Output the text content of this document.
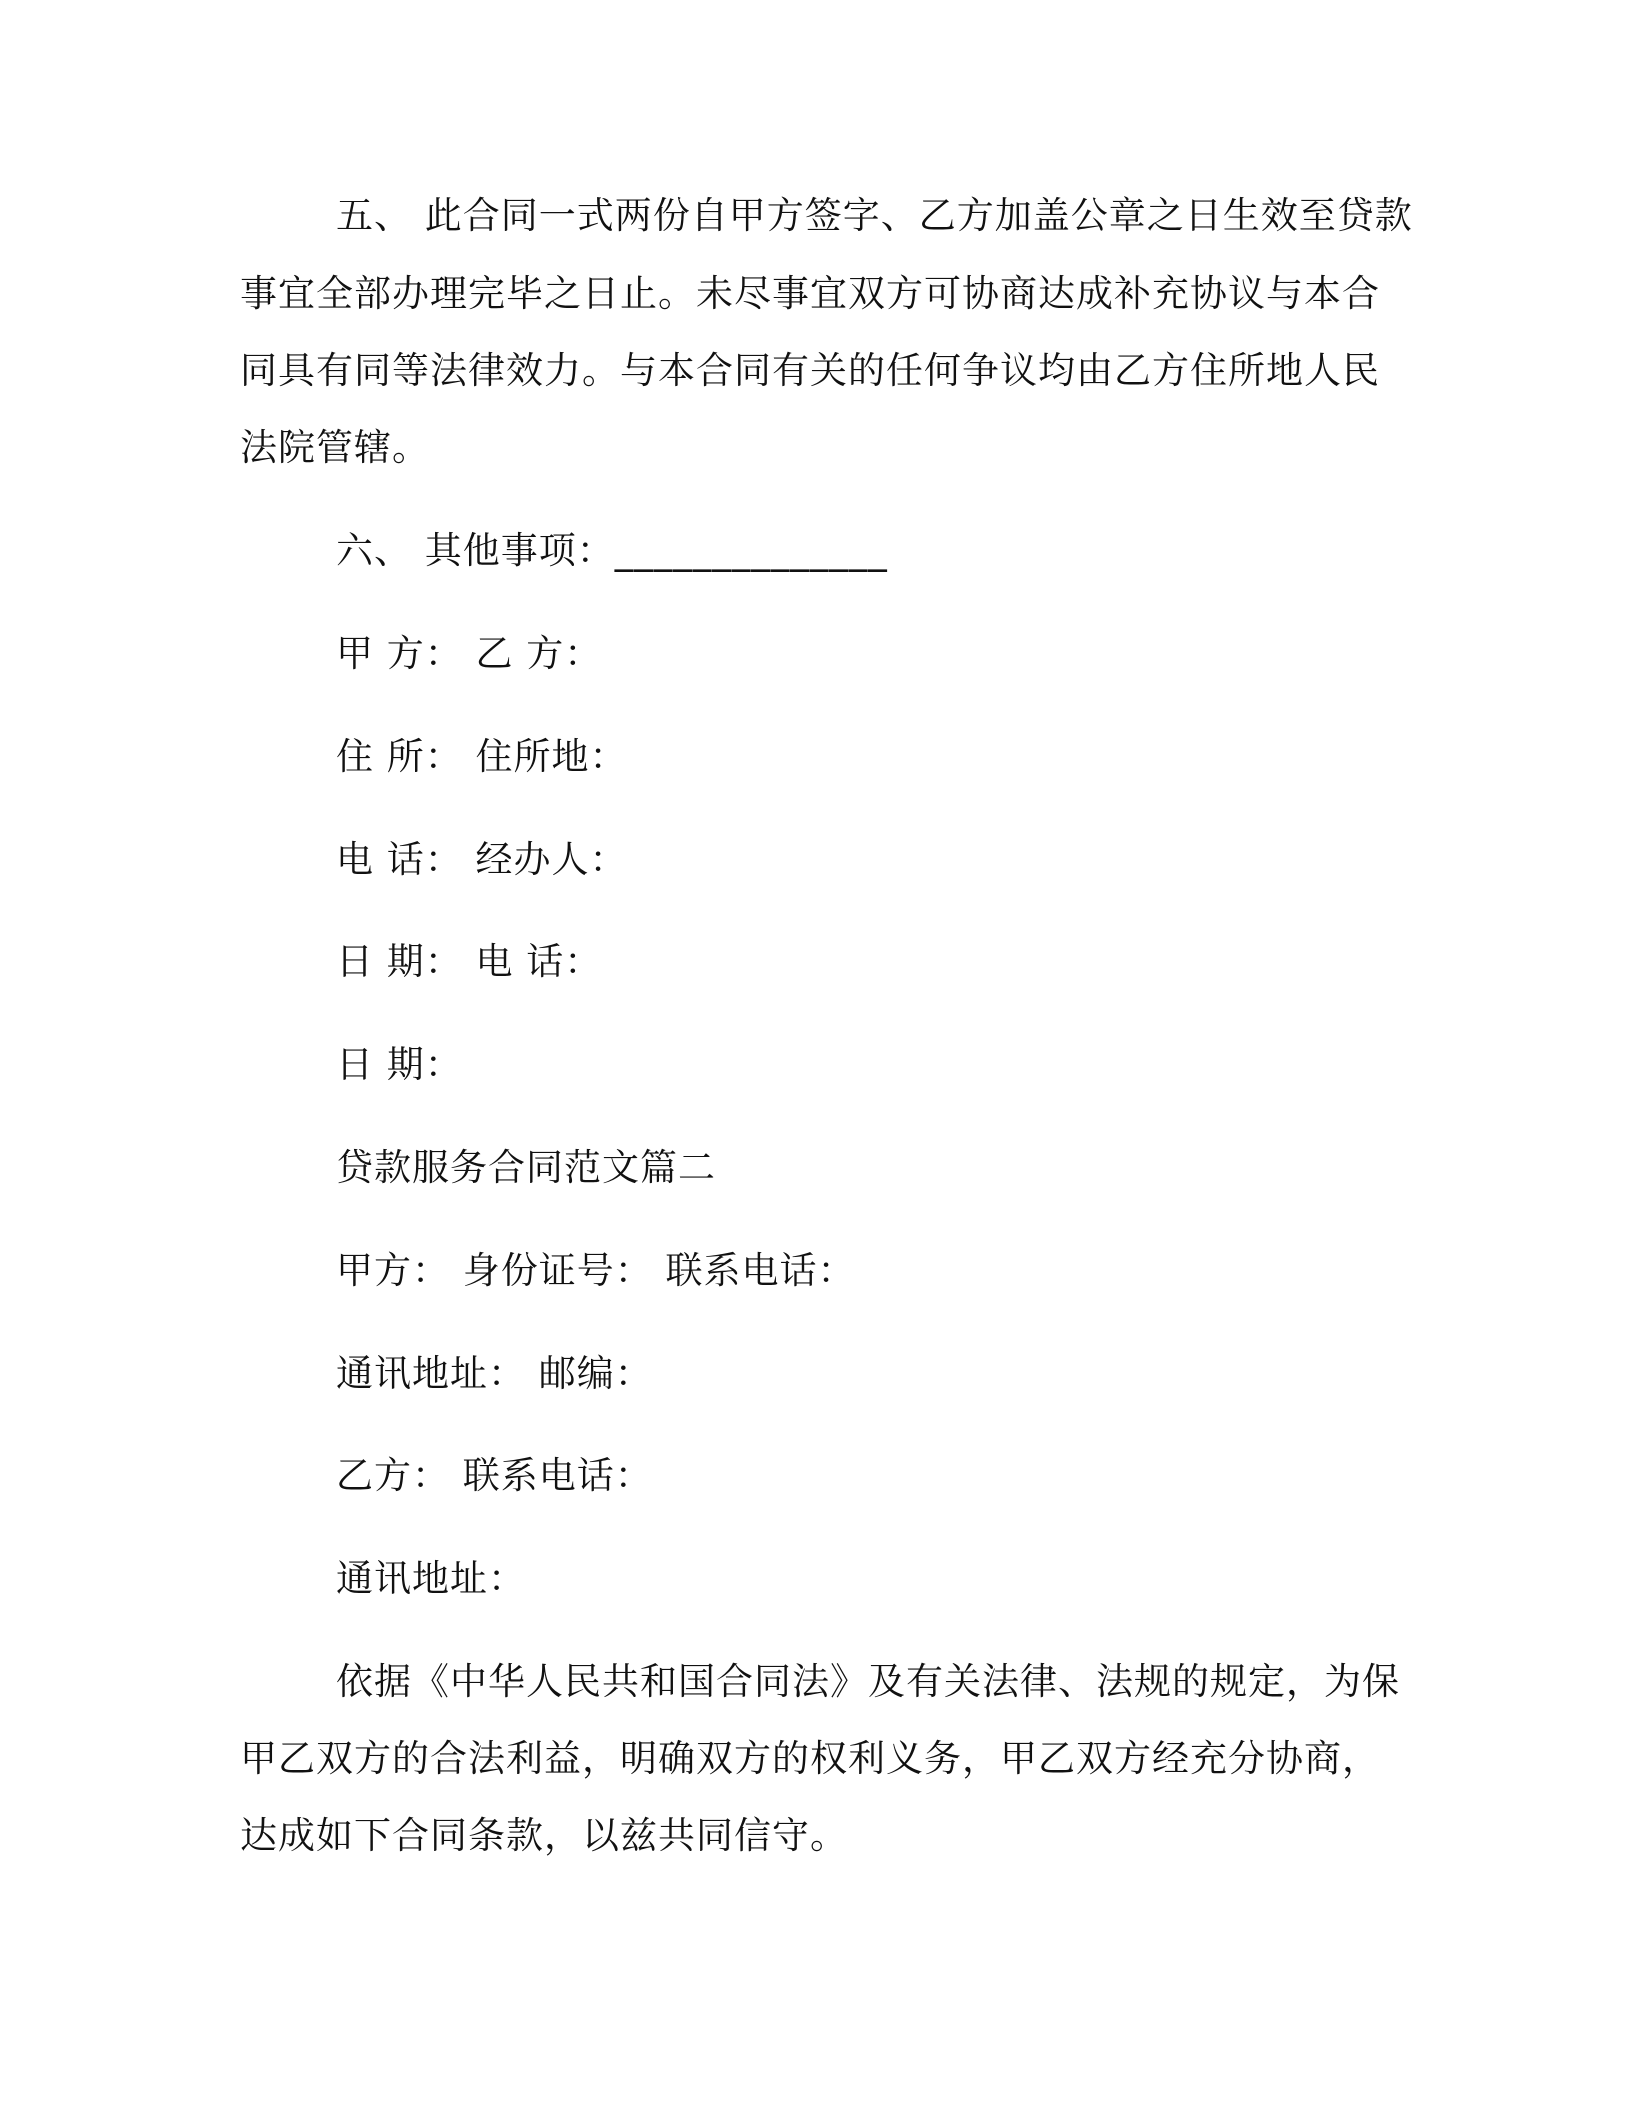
五、 此合同一式两份自甲方签字、乙方加盖公章之日生效至贷款
事宜全部办理完毕之日止。未尽事宜双方可协商达成补充协议与本合
同具有同等法律效力。与本合同有关的任何争议均由乙方住所地人民
法院管辖。
六、 其他事项：______________
甲 方： 乙 方：
住 所： 住所地：
电 话： 经办人：
日 期： 电 话：
日 期：
贷款服务合同范文篇二
甲方： 身份证号： 联系电话：
通讯地址： 邮编：
乙方： 联系电话：
通讯地址：
依据《中华人民共和国合同法》及有关法律、法规的规定，为保
甲乙双方的合法利益，明确双方的权利义务，甲乙双方经充分协商，
达成如下合同条款，以兹共同信守。
